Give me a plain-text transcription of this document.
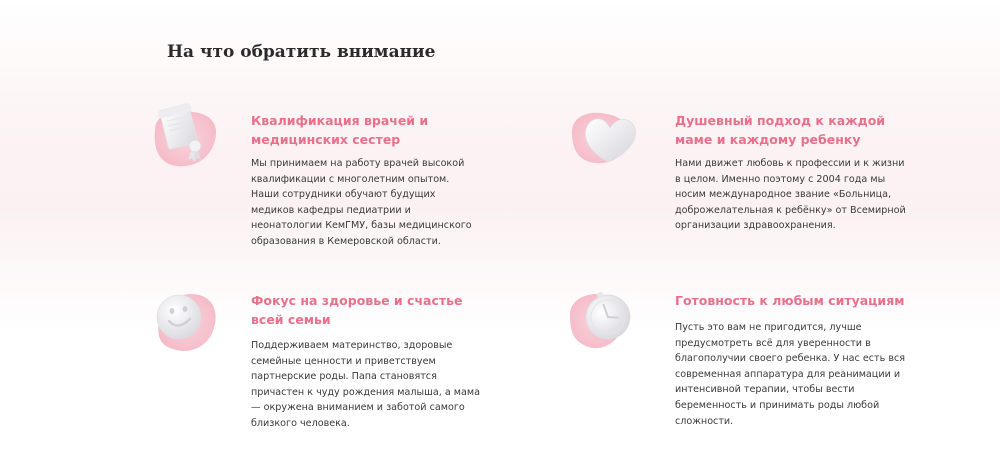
На что обратить внимание
Квалификация врачей и медицинских сестер

Мы принимаем на работу врачей высокой квалификации с многолетним опытом. Наши сотрудники обучают будущих медиков кафедры педиатрии и неонатологии КемГМУ, базы медицинского образования в Кемеровской области.

Душевный подход к каждой маме и каждому ребенку

Нами движет любовь к профессии и к жизни в целом. Именно поэтому с 2004 года мы носим международное звание «Больница, доброжелательная к ребёнку» от Всемирной организации здравоохранения.

Фокус на здоровье и счастье всей семьи

Поддерживаем материнство, здоровые семейные ценности и приветствуем партнерские роды. Папа становятся причастен к чуду рождения малыша, а мама — окружена вниманием и заботой самого близкого человека.

Готовность к любым ситуациям

Пусть это вам не пригодится, лучше предусмотреть всё для уверенности в благополучии своего ребенка. У нас есть вся современная аппаратура для реанимации и интенсивной терапии, чтобы вести беременность и принимать роды любой сложности.
